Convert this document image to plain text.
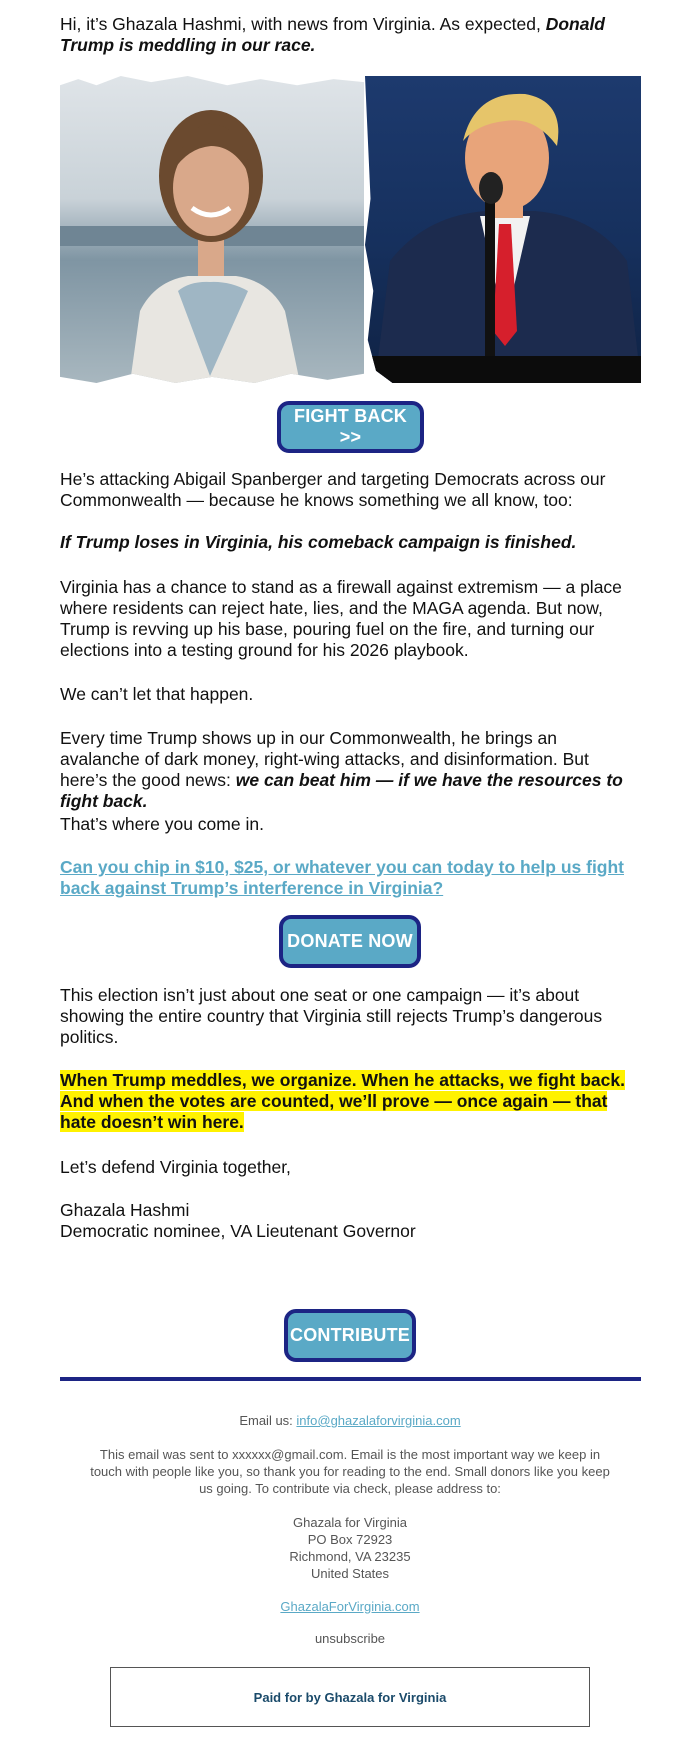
Hi, it’s Ghazala Hashmi, with news from Virginia. As expected, Donald Trump is meddling in our race.

FIGHT BACK >>

He’s attacking Abigail Spanberger and targeting Democrats across our Commonwealth — because he knows something we all know, too:

If Trump loses in Virginia, his comeback campaign is finished.

Virginia has a chance to stand as a firewall against extremism — a place where residents can reject hate, lies, and the MAGA agenda. But now, Trump is revving up his base, pouring fuel on the fire, and turning our elections into a testing ground for his 2026 playbook.

We can’t let that happen.

Every time Trump shows up in our Commonwealth, he brings an avalanche of dark money, right-wing attacks, and disinformation. But here’s the good news: we can beat him — if we have the resources to fight back.

That’s where you come in.

Can you chip in $10, $25, or whatever you can today to help us fight back against Trump’s interference in Virginia?

DONATE NOW

This election isn’t just about one seat or one campaign — it’s about showing the entire country that Virginia still rejects Trump’s dangerous politics.

When Trump meddles, we organize. When he attacks, we fight back. And when the votes are counted, we’ll prove — once again — that hate doesn’t win here.

Let’s defend Virginia together,

Ghazala Hashmi

Democratic nominee, VA Lieutenant Governor

CONTRIBUTE

Email us: info@ghazalaforvirginia.com

This email was sent to xxxxxx@gmail.com. Email is the most important way we keep in touch with people like you, so thank you for reading to the end. Small donors like you keep us going. To contribute via check, please address to:

Ghazala for Virginia

PO Box 72923

Richmond, VA 23235

United States

GhazalaForVirginia.com

unsubscribe

Paid for by Ghazala for Virginia
